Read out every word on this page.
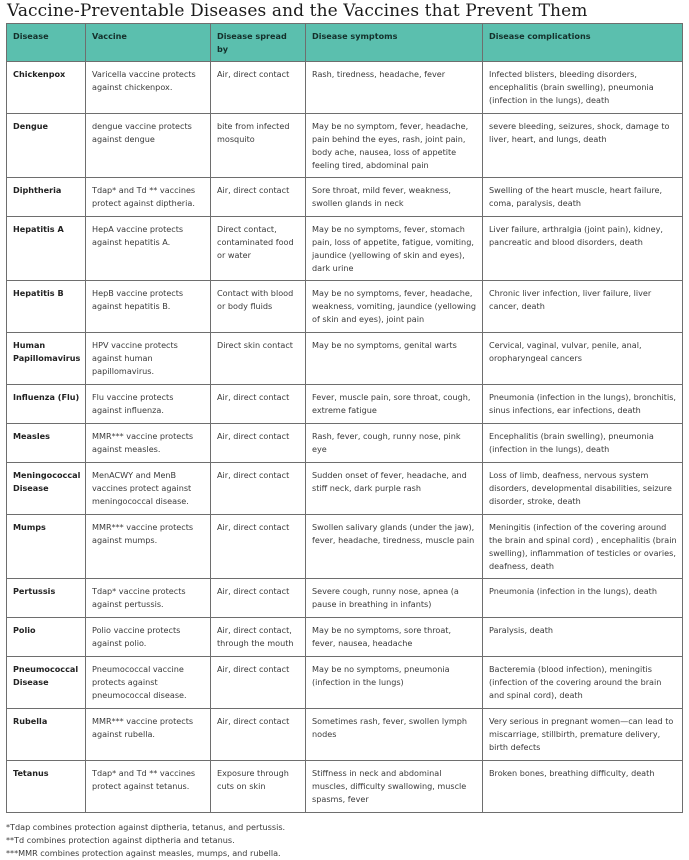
Vaccine-Preventable Diseases and the Vaccines that Prevent Them
Disease	Vaccine	Disease spread by	Disease symptoms	Disease complications
Chickenpox	Varicella vaccine protects against chickenpox.	Air, direct contact	Rash, tiredness, headache, fever	Infected blisters, bleeding disorders, encephalitis (brain swelling), pneumonia (infection in the lungs), death
Dengue	dengue vaccine protects against dengue	bite from infected mosquito	May be no symptom, fever, headache, pain behind the eyes, rash, joint pain, body ache, nausea, loss of appetite feeling tired, abdominal pain	severe bleeding, seizures, shock, damage to liver, heart, and lungs, death
Diphtheria	Tdap* and Td ** vaccines protect against diptheria.	Air, direct contact	Sore throat, mild fever, weakness, swollen glands in neck	Swelling of the heart muscle, heart failure, coma, paralysis, death
Hepatitis A	HepA vaccine protects against hepatitis A.	Direct contact, contaminated food or water	May be no symptoms, fever, stomach pain, loss of appetite, fatigue, vomiting, jaundice (yellowing of skin and eyes), dark urine	Liver failure, arthralgia (joint pain), kidney, pancreatic and blood disorders, death
Hepatitis B	HepB vaccine protects against hepatitis B.	Contact with blood or body fluids	May be no symptoms, fever, headache, weakness, vomiting, jaundice (yellowing of skin and eyes), joint pain	Chronic liver infection, liver failure, liver cancer, death
Human Papillomavirus	HPV vaccine protects against human papillomavirus.	Direct skin contact	May be no symptoms, genital warts	Cervical, vaginal, vulvar, penile, anal, oropharyngeal cancers
Influenza (Flu)	Flu vaccine protects against influenza.	Air, direct contact	Fever, muscle pain, sore throat, cough, extreme fatigue	Pneumonia (infection in the lungs), bronchitis, sinus infections, ear infections, death
Measles	MMR*** vaccine protects against measles.	Air, direct contact	Rash, fever, cough, runny nose, pink eye	Encephalitis (brain swelling), pneumonia (infection in the lungs), death
Meningococcal Disease	MenACWY and MenB vaccines protect against meningococcal disease.	Air, direct contact	Sudden onset of fever, headache, and stiff neck, dark purple rash	Loss of limb, deafness, nervous system disorders, developmental disabilities, seizure disorder, stroke, death
Mumps	MMR*** vaccine protects against mumps.	Air, direct contact	Swollen salivary glands (under the jaw), fever, headache, tiredness, muscle pain	Meningitis (infection of the covering around the brain and spinal cord) , encephalitis (brain swelling), inflammation of testicles or ovaries, deafness, death
Pertussis	Tdap* vaccine protects against pertussis.	Air, direct contact	Severe cough, runny nose, apnea (a pause in breathing in infants)	Pneumonia (infection in the lungs), death
Polio	Polio vaccine protects against polio.	Air, direct contact, through the mouth	May be no symptoms, sore throat, fever, nausea, headache	Paralysis, death
Pneumococcal Disease	Pneumococcal vaccine protects against pneumococcal disease.	Air, direct contact	May be no symptoms, pneumonia (infection in the lungs)	Bacteremia (blood infection), meningitis (infection of the covering around the brain and spinal cord), death
Rubella	MMR*** vaccine protects against rubella.	Air, direct contact	Sometimes rash, fever, swollen lymph nodes	Very serious in pregnant women—can lead to miscarriage, stillbirth, premature delivery, birth defects
Tetanus	Tdap* and Td ** vaccines protect against tetanus.	Exposure through cuts on skin	Stiffness in neck and abdominal muscles, difficulty swallowing, muscle spasms, fever	Broken bones, breathing difficulty, death
*Tdap combines protection against diptheria, tetanus, and pertussis.
**Td combines protection against diptheria and tetanus.
***MMR combines protection against measles, mumps, and rubella.
